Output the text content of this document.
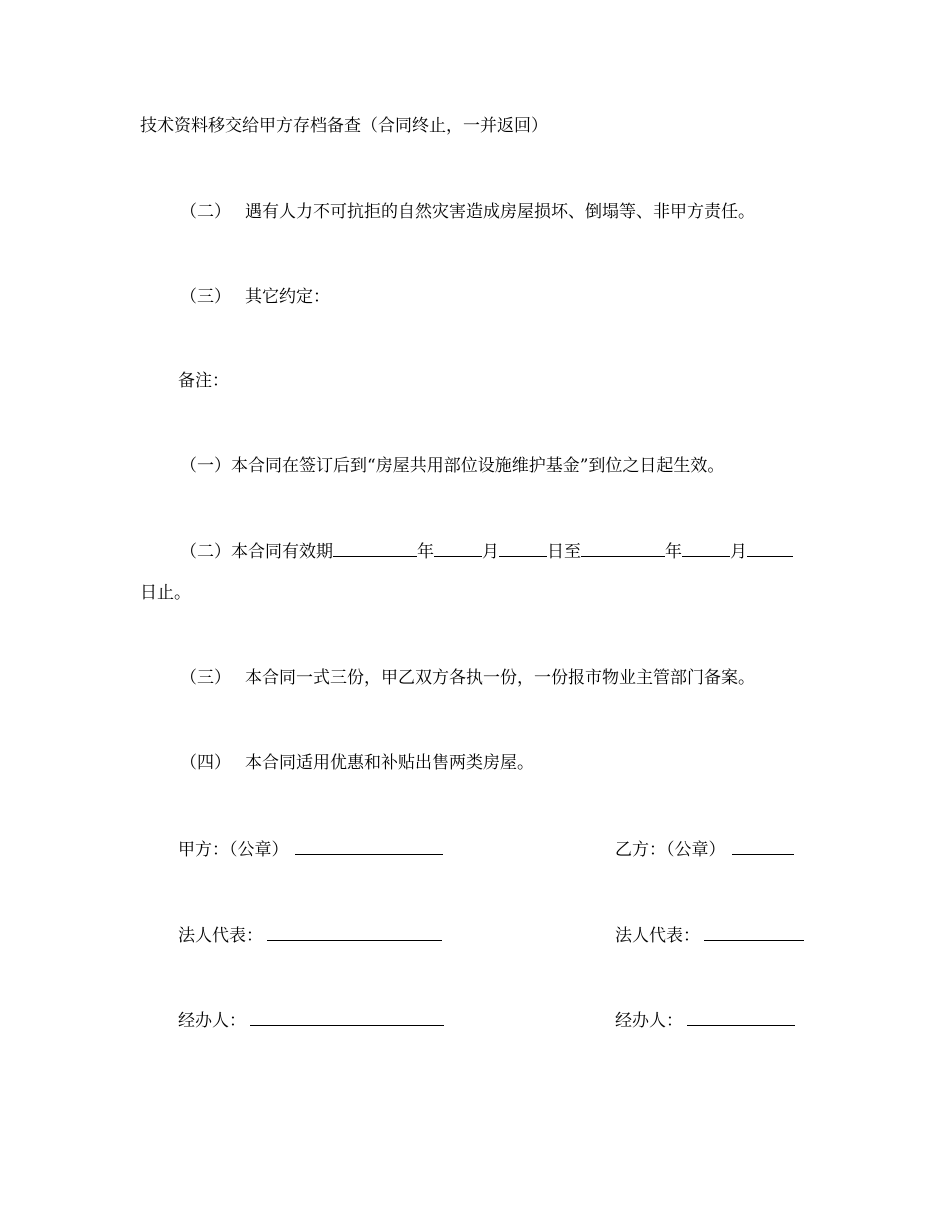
技术资料移交给甲方存档备查（合同终止，一并返回）
（二） 遇有人力不可抗拒的自然灾害造成房屋损坏、倒塌等、非甲方责任。
（三） 其它约定：
备注：
（一）本合同在签订后到“房屋共用部位设施维护基金”到位之日起生效。
（二）本合同有效期	年	月	日至	年	月
日止。
（三） 本合同一式三份，甲乙双方各执一份，一份报市物业主管部门备案。
（四） 本合同适用优惠和补贴出售两类房屋。
甲方：（公章）	乙方：（公章）
法人代表：	法人代表：
经办人：	经办人：
